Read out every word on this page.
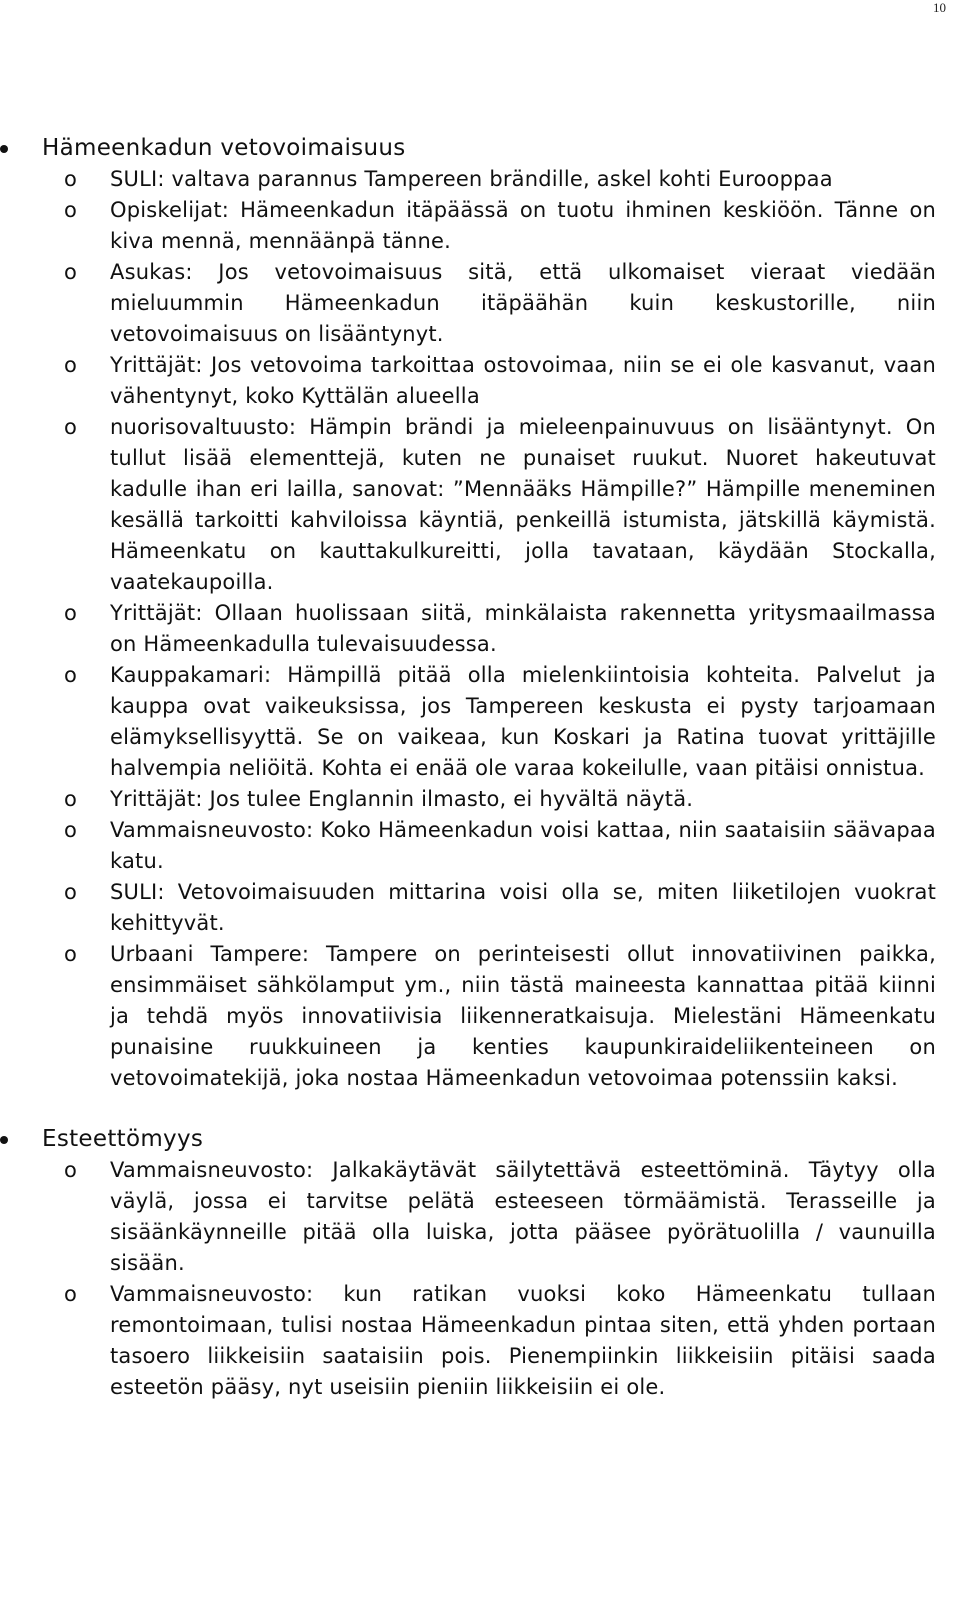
10
Hämeenkadun vetovoimaisuus
o SULI: valtava parannus Tampereen brändille, askel kohti Eurooppaa
o Opiskelijat: Hämeenkadun itäpäässä on tuotu ihminen keskiöön. Tänne on kiva mennä, mennäänpä tänne.
o Asukas: Jos vetovoimaisuus sitä, että ulkomaiset vieraat viedään mieluummin Hämeenkadun itäpäähän kuin keskustorille, niin vetovoimaisuus on lisääntynyt.
o Yrittäjät: Jos vetovoima tarkoittaa ostovoimaa, niin se ei ole kasvanut, vaan vähentynyt, koko Kyttälän alueella
o nuorisovaltuusto: Hämpin brändi ja mieleenpainuvuus on lisääntynyt. On tullut lisää elementtejä, kuten ne punaiset ruukut. Nuoret hakeutuvat kadulle ihan eri lailla, sanovat: ”Mennääks Hämpille?” Hämpille meneminen kesällä tarkoitti kahviloissa käyntiä, penkeillä istumista, jätskillä käymistä. Hämeenkatu on kauttakulkureitti, jolla tavataan, käydään Stockalla, vaatekaupoilla.
o Yrittäjät: Ollaan huolissaan siitä, minkälaista rakennetta yritysmaailmassa on Hämeenkadulla tulevaisuudessa.
o Kauppakamari: Hämpillä pitää olla mielenkiintoisia kohteita. Palvelut ja kauppa ovat vaikeuksissa, jos Tampereen keskusta ei pysty tarjoamaan elämyksellisyyttä. Se on vaikeaa, kun Koskari ja Ratina tuovat yrittäjille halvempia neliöitä. Kohta ei enää ole varaa kokeilulle, vaan pitäisi onnistua.
o Yrittäjät: Jos tulee Englannin ilmasto, ei hyvältä näytä.
o Vammaisneuvosto: Koko Hämeenkadun voisi kattaa, niin saataisiin säävapaa katu.
o SULI: Vetovoimaisuuden mittarina voisi olla se, miten liiketilojen vuokrat kehittyvät.
o Urbaani Tampere: Tampere on perinteisesti ollut innovatiivinen paikka, ensimmäiset sähkölamput ym., niin tästä maineesta kannattaa pitää kiinni ja tehdä myös innovatiivisia liikenneratkaisuja. Mielestäni Hämeenkatu punaisine ruukkuineen ja kenties kaupunkiraideliikenteineen on vetovoimatekijä, joka nostaa Hämeenkadun vetovoimaa potenssiin kaksi.
Esteettömyys
o Vammaisneuvosto: Jalkakäytävät säilytettävä esteettöminä. Täytyy olla väylä, jossa ei tarvitse pelätä esteeseen törmäämistä. Terasseille ja sisäänkäynneille pitää olla luiska, jotta pääsee pyörätuolilla / vaunuilla sisään.
o Vammaisneuvosto: kun ratikan vuoksi koko Hämeenkatu tullaan remontoimaan, tulisi nostaa Hämeenkadun pintaa siten, että yhden portaan tasoero liikkeisiin saataisiin pois. Pienempiinkin liikkeisiin pitäisi saada esteetön pääsy, nyt useisiin pieniin liikkeisiin ei ole.
